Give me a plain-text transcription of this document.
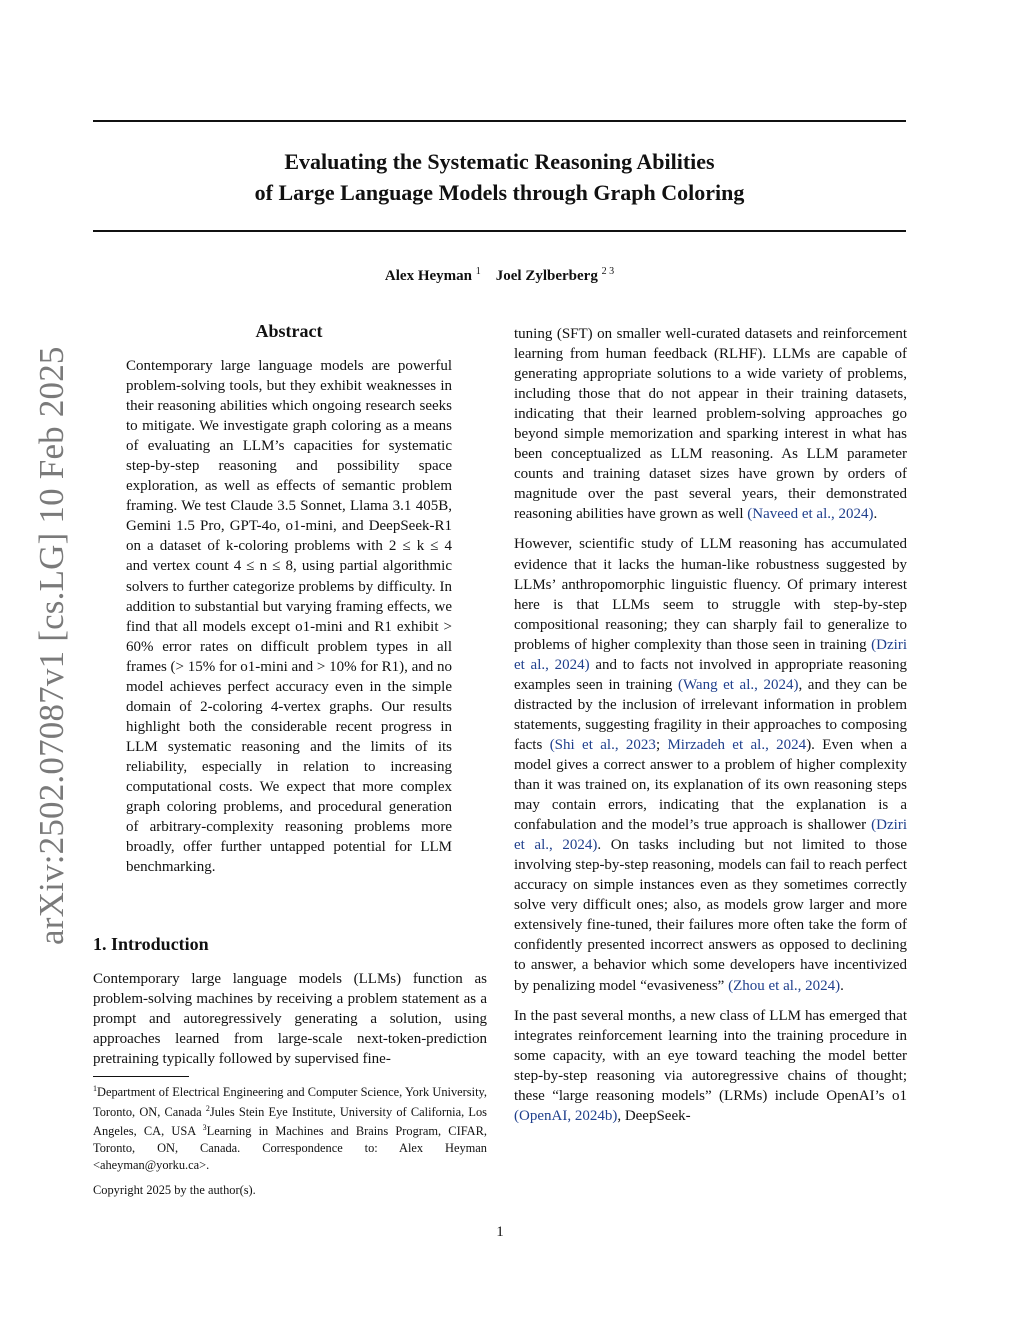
Evaluating the Systematic Reasoning Abilities
of Large Language Models through Graph Coloring
Alex Heyman $^1$ Joel Zylberberg $^{2 3}$
arXiv:2502.07087v1 [cs.LG] 10 Feb 2025
Abstract
Contemporary large language models are powerful problem-solving tools, but they exhibit weaknesses in their reasoning abilities which ongoing research seeks to mitigate. We investigate graph coloring as a means of evaluating an LLM’s capacities for systematic step-by-step reasoning and possibility space exploration, as well as effects of semantic problem framing. We test Claude 3.5 Sonnet, Llama 3.1 405B, Gemini 1.5 Pro, GPT-4o, o1-mini, and DeepSeek-R1 on a dataset of k-coloring problems with 2 ≤ k ≤ 4 and vertex count 4 ≤ n ≤ 8, using partial algorithmic solvers to further categorize problems by difficulty. In addition to substantial but varying framing effects, we find that all models except o1-mini and R1 exhibit > 60% error rates on difficult problem types in all frames (> 15% for o1-mini and > 10% for R1), and no model achieves perfect accuracy even in the simple domain of 2-coloring 4-vertex graphs. Our results highlight both the considerable recent progress in LLM systematic reasoning and the limits of its reliability, especially in relation to increasing computational costs. We expect that more complex graph coloring problems, and procedural generation of arbitrary-complexity reasoning problems more broadly, offer further untapped potential for LLM benchmarking.
1. Introduction
Contemporary large language models (LLMs) function as problem-solving machines by receiving a problem statement as a prompt and autoregressively generating a solution, using approaches learned from large-scale next-token-prediction pretraining typically followed by supervised fine-
$^1$Department of Electrical Engineering and Computer Science, York University, Toronto, ON, Canada $^2$Jules Stein Eye Institute, University of California, Los Angeles, CA, USA $^3$Learning in Machines and Brains Program, CIFAR, Toronto, ON, Canada. Correspondence to: Alex Heyman <aheyman@yorku.ca>.
Copyright 2025 by the author(s).

tuning (SFT) on smaller well-curated datasets and reinforcement learning from human feedback (RLHF). LLMs are capable of generating appropriate solutions to a wide variety of problems, including those that do not appear in their training datasets, indicating that their learned problem-solving approaches go beyond simple memorization and sparking interest in what has been conceptualized as LLM reasoning. As LLM parameter counts and training dataset sizes have grown by orders of magnitude over the past several years, their demonstrated reasoning abilities have grown as well (Naveed et al., 2024).

However, scientific study of LLM reasoning has accumulated evidence that it lacks the human-like robustness suggested by LLMs’ anthropomorphic linguistic fluency. Of primary interest here is that LLMs seem to struggle with step-by-step compositional reasoning; they can sharply fail to generalize to problems of higher complexity than those seen in training (Dziri et al., 2024) and to facts not involved in appropriate reasoning examples seen in training (Wang et al., 2024), and they can be distracted by the inclusion of irrelevant information in problem statements, suggesting fragility in their approaches to composing facts (Shi et al., 2023; Mirzadeh et al., 2024). Even when a model gives a correct answer to a problem of higher complexity than it was trained on, its explanation of its own reasoning steps may contain errors, indicating that the explanation is a confabulation and the model’s true approach is shallower (Dziri et al., 2024). On tasks including but not limited to those involving step-by-step reasoning, models can fail to reach perfect accuracy on simple instances even as they sometimes correctly solve very difficult ones; also, as models grow larger and more extensively fine-tuned, their failures more often take the form of confidently presented incorrect answers as opposed to declining to answer, a behavior which some developers have incentivized by penalizing model “evasiveness” (Zhou et al., 2024).

In the past several months, a new class of LLM has emerged that integrates reinforcement learning into the training procedure in some capacity, with an eye toward teaching the model better step-by-step reasoning via autoregressive chains of thought; these “large reasoning models” (LRMs) include OpenAI’s o1 (OpenAI, 2024b), DeepSeek-

1
